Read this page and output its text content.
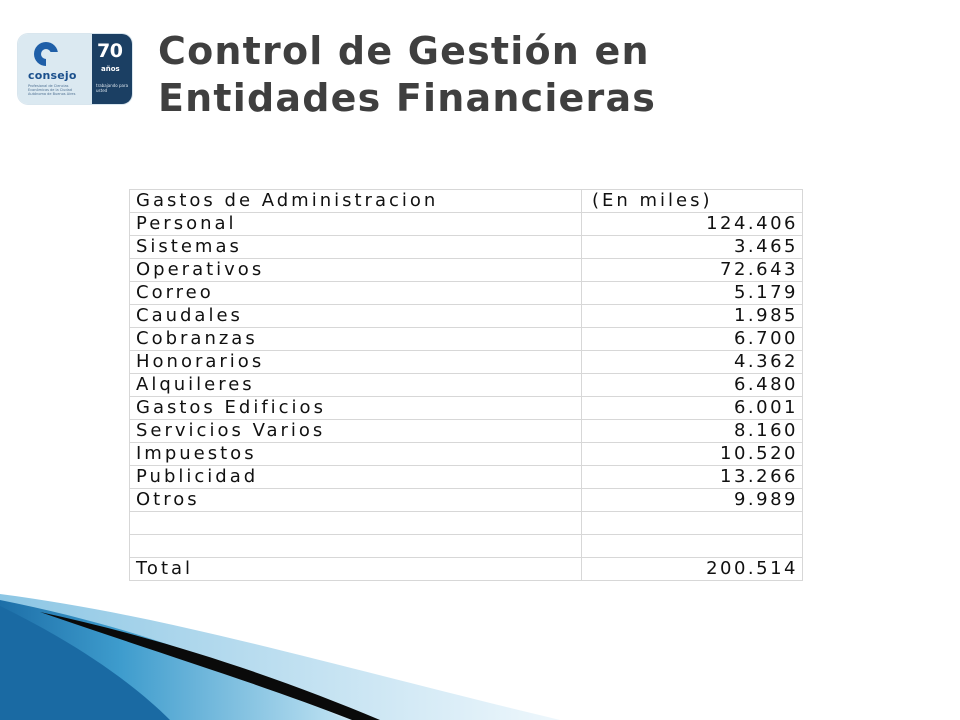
consejo
Profesional de Ciencias Económicas de la Ciudad Autónoma de Buenos Aires
70
años
trabajando para usted
Control de Gestión en
Entidades Financieras
Gastos de Administracion	(En miles)
Personal	124.406
Sistemas	3.465
Operativos	72.643
Correo	5.179
Caudales	1.985
Cobranzas	6.700
Honorarios	4.362
Alquileres	6.480
Gastos Edificios	6.001
Servicios Varios	8.160
Impuestos	10.520
Publicidad	13.266
Otros	9.989

Total	200.514
